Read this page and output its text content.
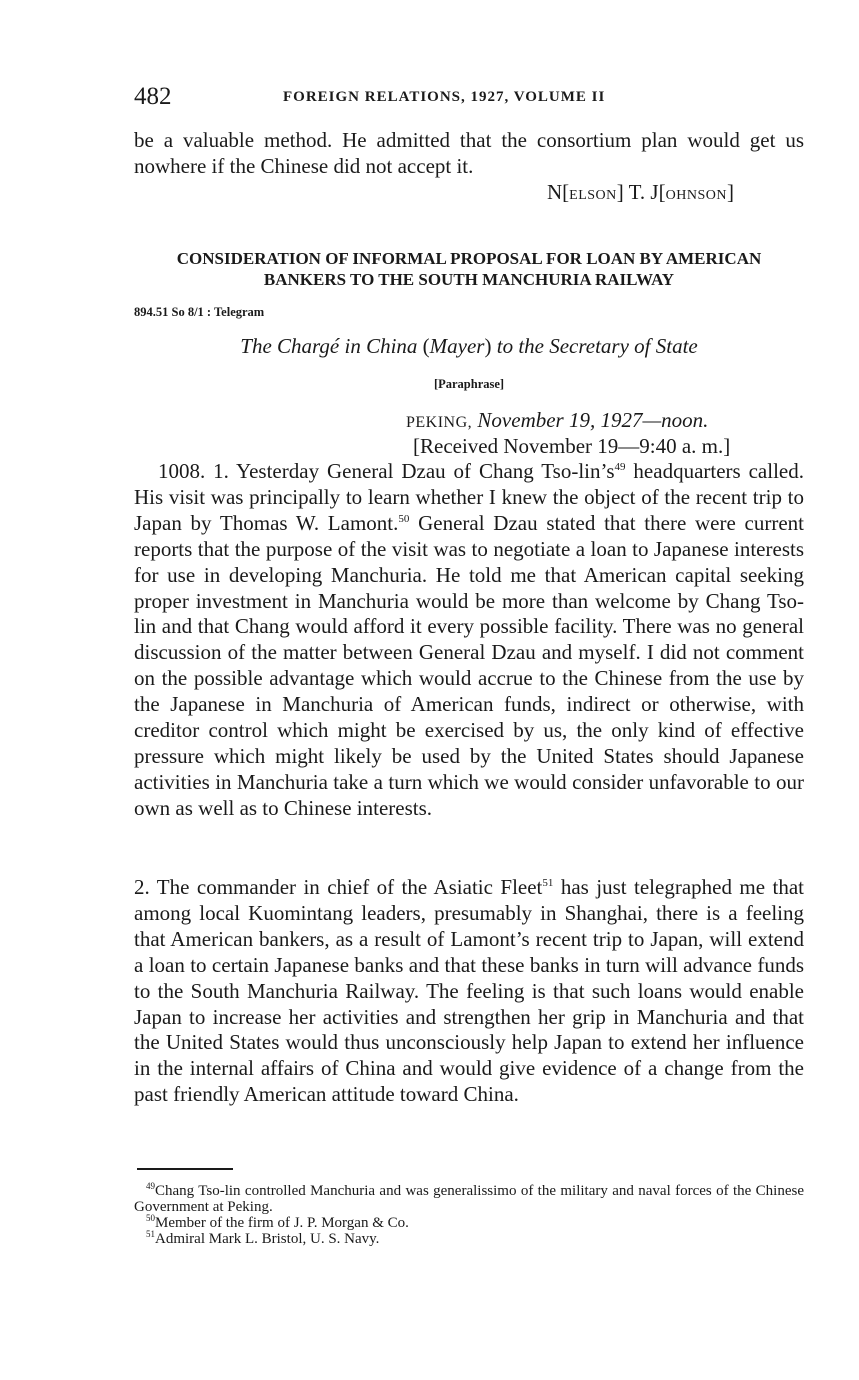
482	FOREIGN RELATIONS, 1927, VOLUME II
be a valuable method. He admitted that the consortium plan would get us nowhere if the Chinese did not accept it.
N[ELSON] T. J[OHNSON]
CONSIDERATION OF INFORMAL PROPOSAL FOR LOAN BY AMERICAN BANKERS TO THE SOUTH MANCHURIA RAILWAY
894.51 So 8/1 : Telegram
The Chargé in China (Mayer) to the Secretary of State
[Paraphrase]
PEKING, November 19, 1927—noon.
[Received November 19—9:40 a. m.]
1008. 1. Yesterday General Dzau of Chang Tso-lin’s$^{49}$ headquarters called. His visit was principally to learn whether I knew the object of the recent trip to Japan by Thomas W. Lamont.$^{50}$ General Dzau stated that there were current reports that the purpose of the visit was to negotiate a loan to Japanese interests for use in developing Manchuria. He told me that American capital seeking proper investment in Manchuria would be more than welcome by Chang Tso-lin and that Chang would afford it every possible facility. There was no general discussion of the matter between General Dzau and myself. I did not comment on the possible advantage which would accrue to the Chinese from the use by the Japanese in Manchuria of American funds, indirect or otherwise, with creditor control which might be exercised by us, the only kind of effective pressure which might likely be used by the United States should Japanese activities in Manchuria take a turn which we would consider unfavorable to our own as well as to Chinese interests.
2. The commander in chief of the Asiatic Fleet$^{51}$ has just telegraphed me that among local Kuomintang leaders, presumably in Shanghai, there is a feeling that American bankers, as a result of Lamont’s recent trip to Japan, will extend a loan to certain Japanese banks and that these banks in turn will advance funds to the South Manchuria Railway. The feeling is that such loans would enable Japan to increase her activities and strengthen her grip in Manchuria and that the United States would thus unconsciously help Japan to extend her influence in the internal affairs of China and would give evidence of a change from the past friendly American attitude toward China.

$^{49}$Chang Tso-lin controlled Manchuria and was generalissimo of the military and naval forces of the Chinese Government at Peking.

$^{50}$Member of the firm of J. P. Morgan & Co.

$^{51}$Admiral Mark L. Bristol, U. S. Navy.
